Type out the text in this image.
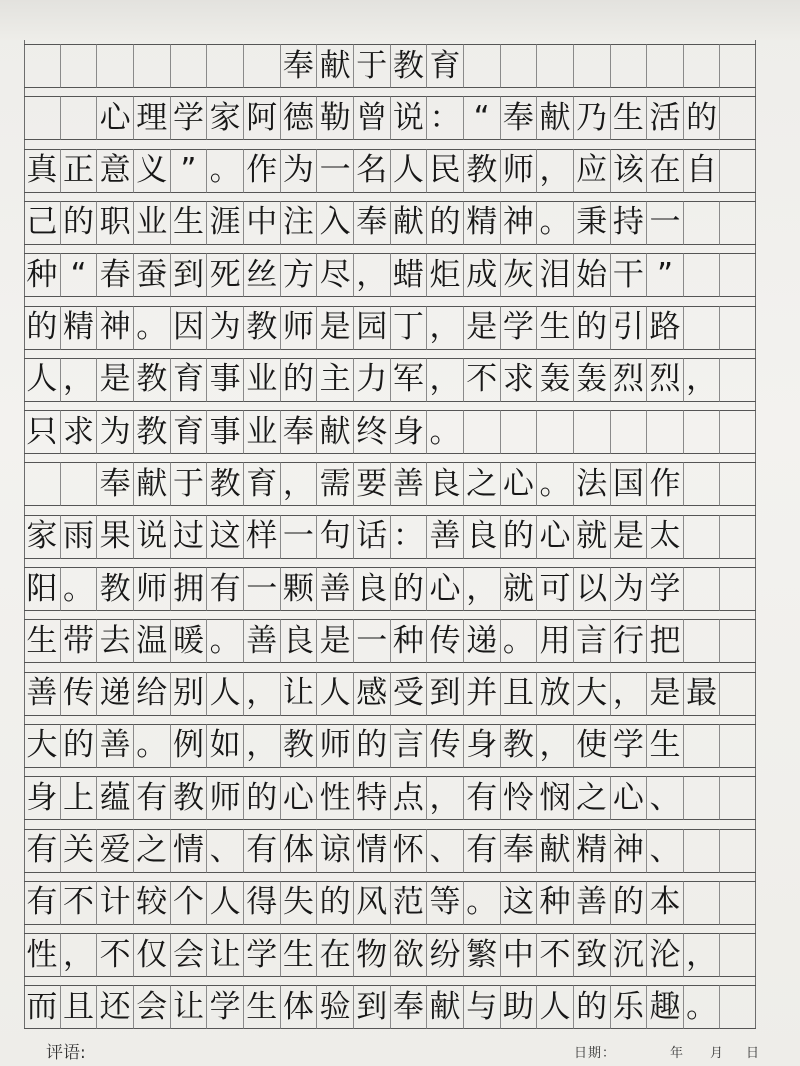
评语:	日期：	年 月 日
奉 献 于 教 育
心 理 学 家 阿 德 勒 曾 说 ： “ 奉 献 乃 生 活 的
真 正 意 义 ” 。 作 为 一 名 人 民 教 师 ， 应 该 在 自
己 的 职 业 生 涯 中 注 入 奉 献 的 精 神 。 秉 持 一
种 “ 春 蚕 到 死 丝 方 尽 ， 蜡 炬 成 灰 泪 始 干 ”
的 精 神 。 因 为 教 师 是 园 丁 ， 是 学 生 的 引 路
人 ， 是 教 育 事 业 的 主 力 军 ， 不 求 轰 轰 烈 烈 ，
只 求 为 教 育 事 业 奉 献 终 身 。
奉 献 于 教 育 ， 需 要 善 良 之 心 。 法 国 作
家 雨 果 说 过 这 样 一 句 话 ： 善 良 的 心 就 是 太
阳 。 教 师 拥 有 一 颗 善 良 的 心 ， 就 可 以 为 学
生 带 去 温 暖 。 善 良 是 一 种 传 递 。 用 言 行 把
善 传 递 给 别 人 ， 让 人 感 受 到 并 且 放 大 ， 是 最
大 的 善 。 例 如 ， 教 师 的 言 传 身 教 ， 使 学 生
身 上 蕴 有 教 师 的 心 性 特 点 ， 有 怜 悯 之 心 、
有 关 爱 之 情 、 有 体 谅 情 怀 、 有 奉 献 精 神 、
有 不 计 较 个 人 得 失 的 风 范 等 。 这 种 善 的 本
性 ， 不 仅 会 让 学 生 在 物 欲 纷 繁 中 不 致 沉 沦 ，
而 且 还 会 让 学 生 体 验 到 奉 献 与 助 人 的 乐 趣 。
